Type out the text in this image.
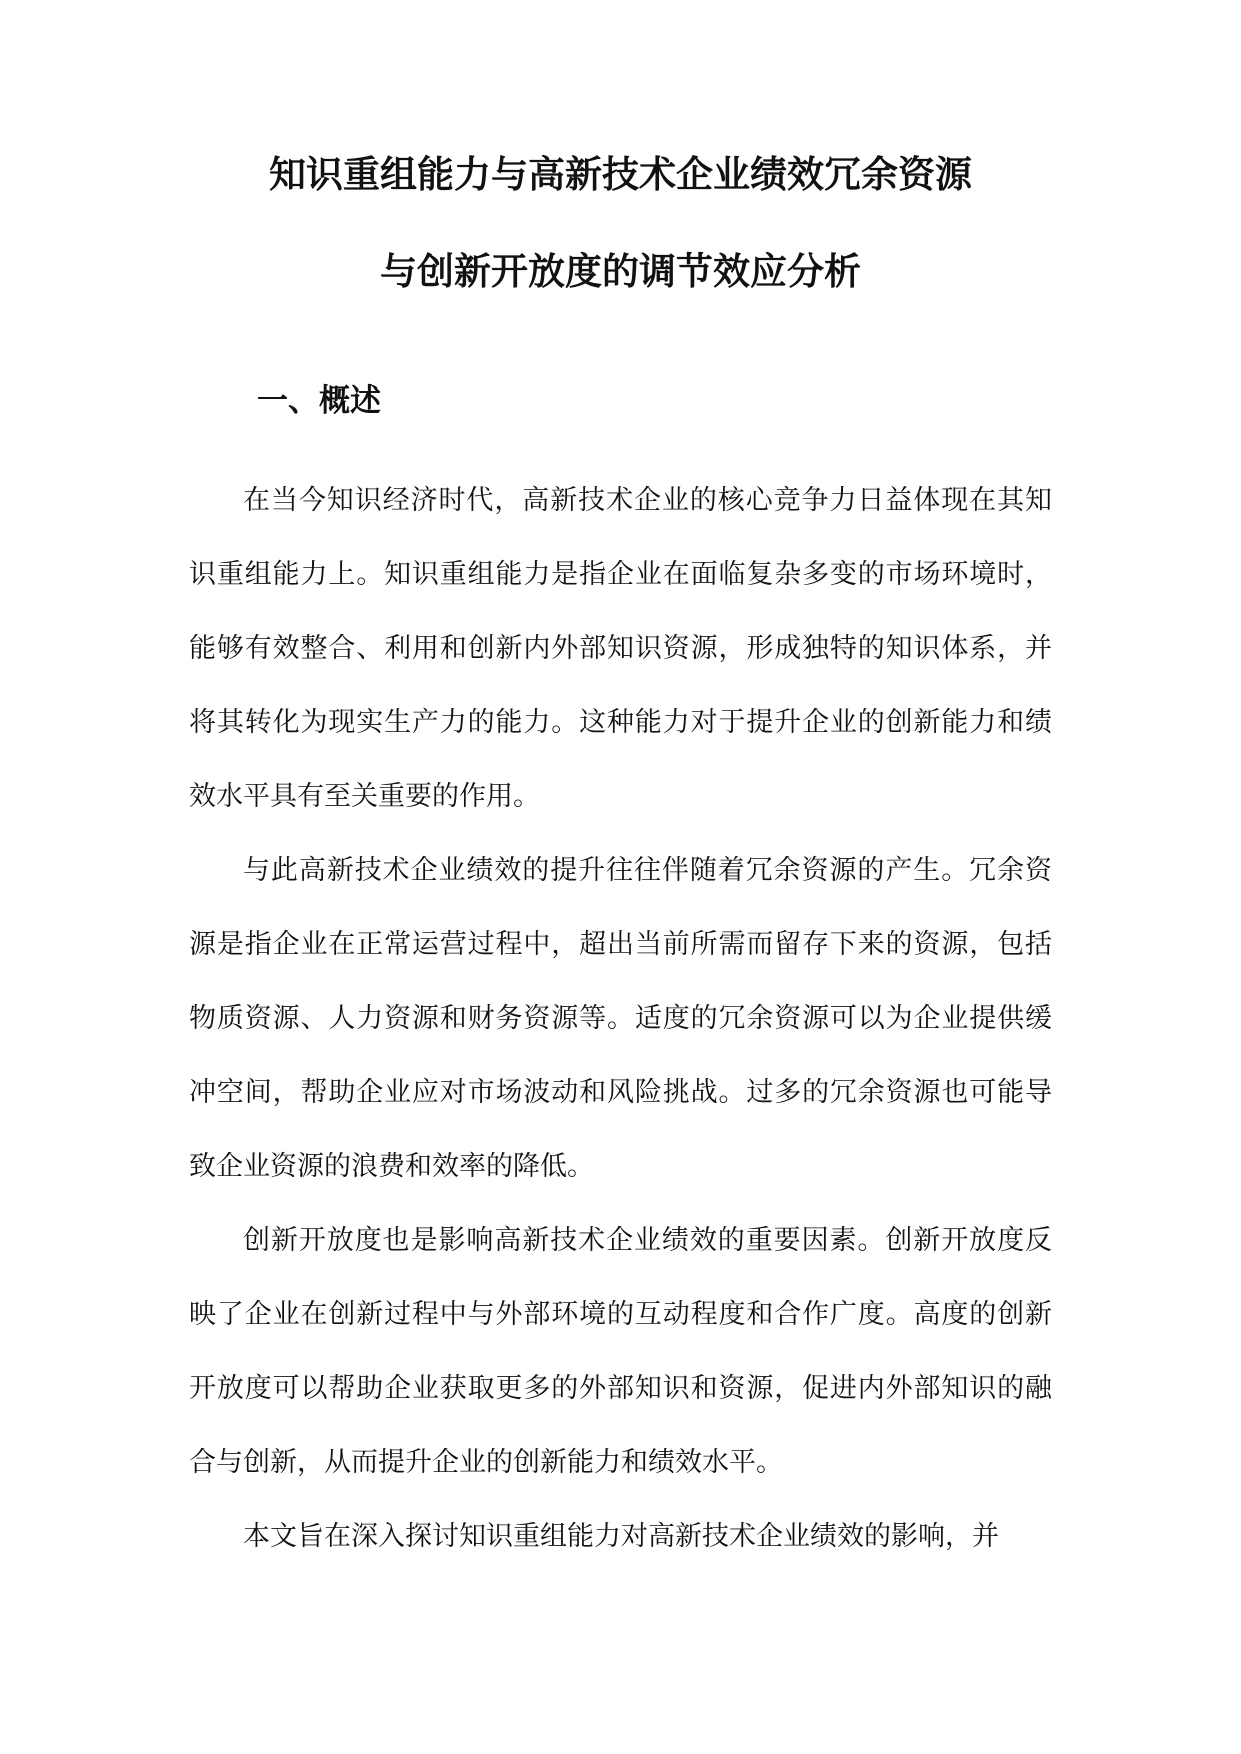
知识重组能力与高新技术企业绩效冗余资源
与创新开放度的调节效应分析
一、概述

在当今知识经济时代，高新技术企业的核心竞争力日益体现在其知识重组能力上。知识重组能力是指企业在面临复杂多变的市场环境时，能够有效整合、利用和创新内外部知识资源，形成独特的知识体系，并将其转化为现实生产力的能力。这种能力对于提升企业的创新能力和绩效水平具有至关重要的作用。

与此高新技术企业绩效的提升往往伴随着冗余资源的产生。冗余资源是指企业在正常运营过程中，超出当前所需而留存下来的资源，包括物质资源、人力资源和财务资源等。适度的冗余资源可以为企业提供缓冲空间，帮助企业应对市场波动和风险挑战。过多的冗余资源也可能导致企业资源的浪费和效率的降低。

创新开放度也是影响高新技术企业绩效的重要因素。创新开放度反映了企业在创新过程中与外部环境的互动程度和合作广度。高度的创新开放度可以帮助企业获取更多的外部知识和资源，促进内外部知识的融合与创新，从而提升企业的创新能力和绩效水平。

本文旨在深入探讨知识重组能力对高新技术企业绩效的影响，并
